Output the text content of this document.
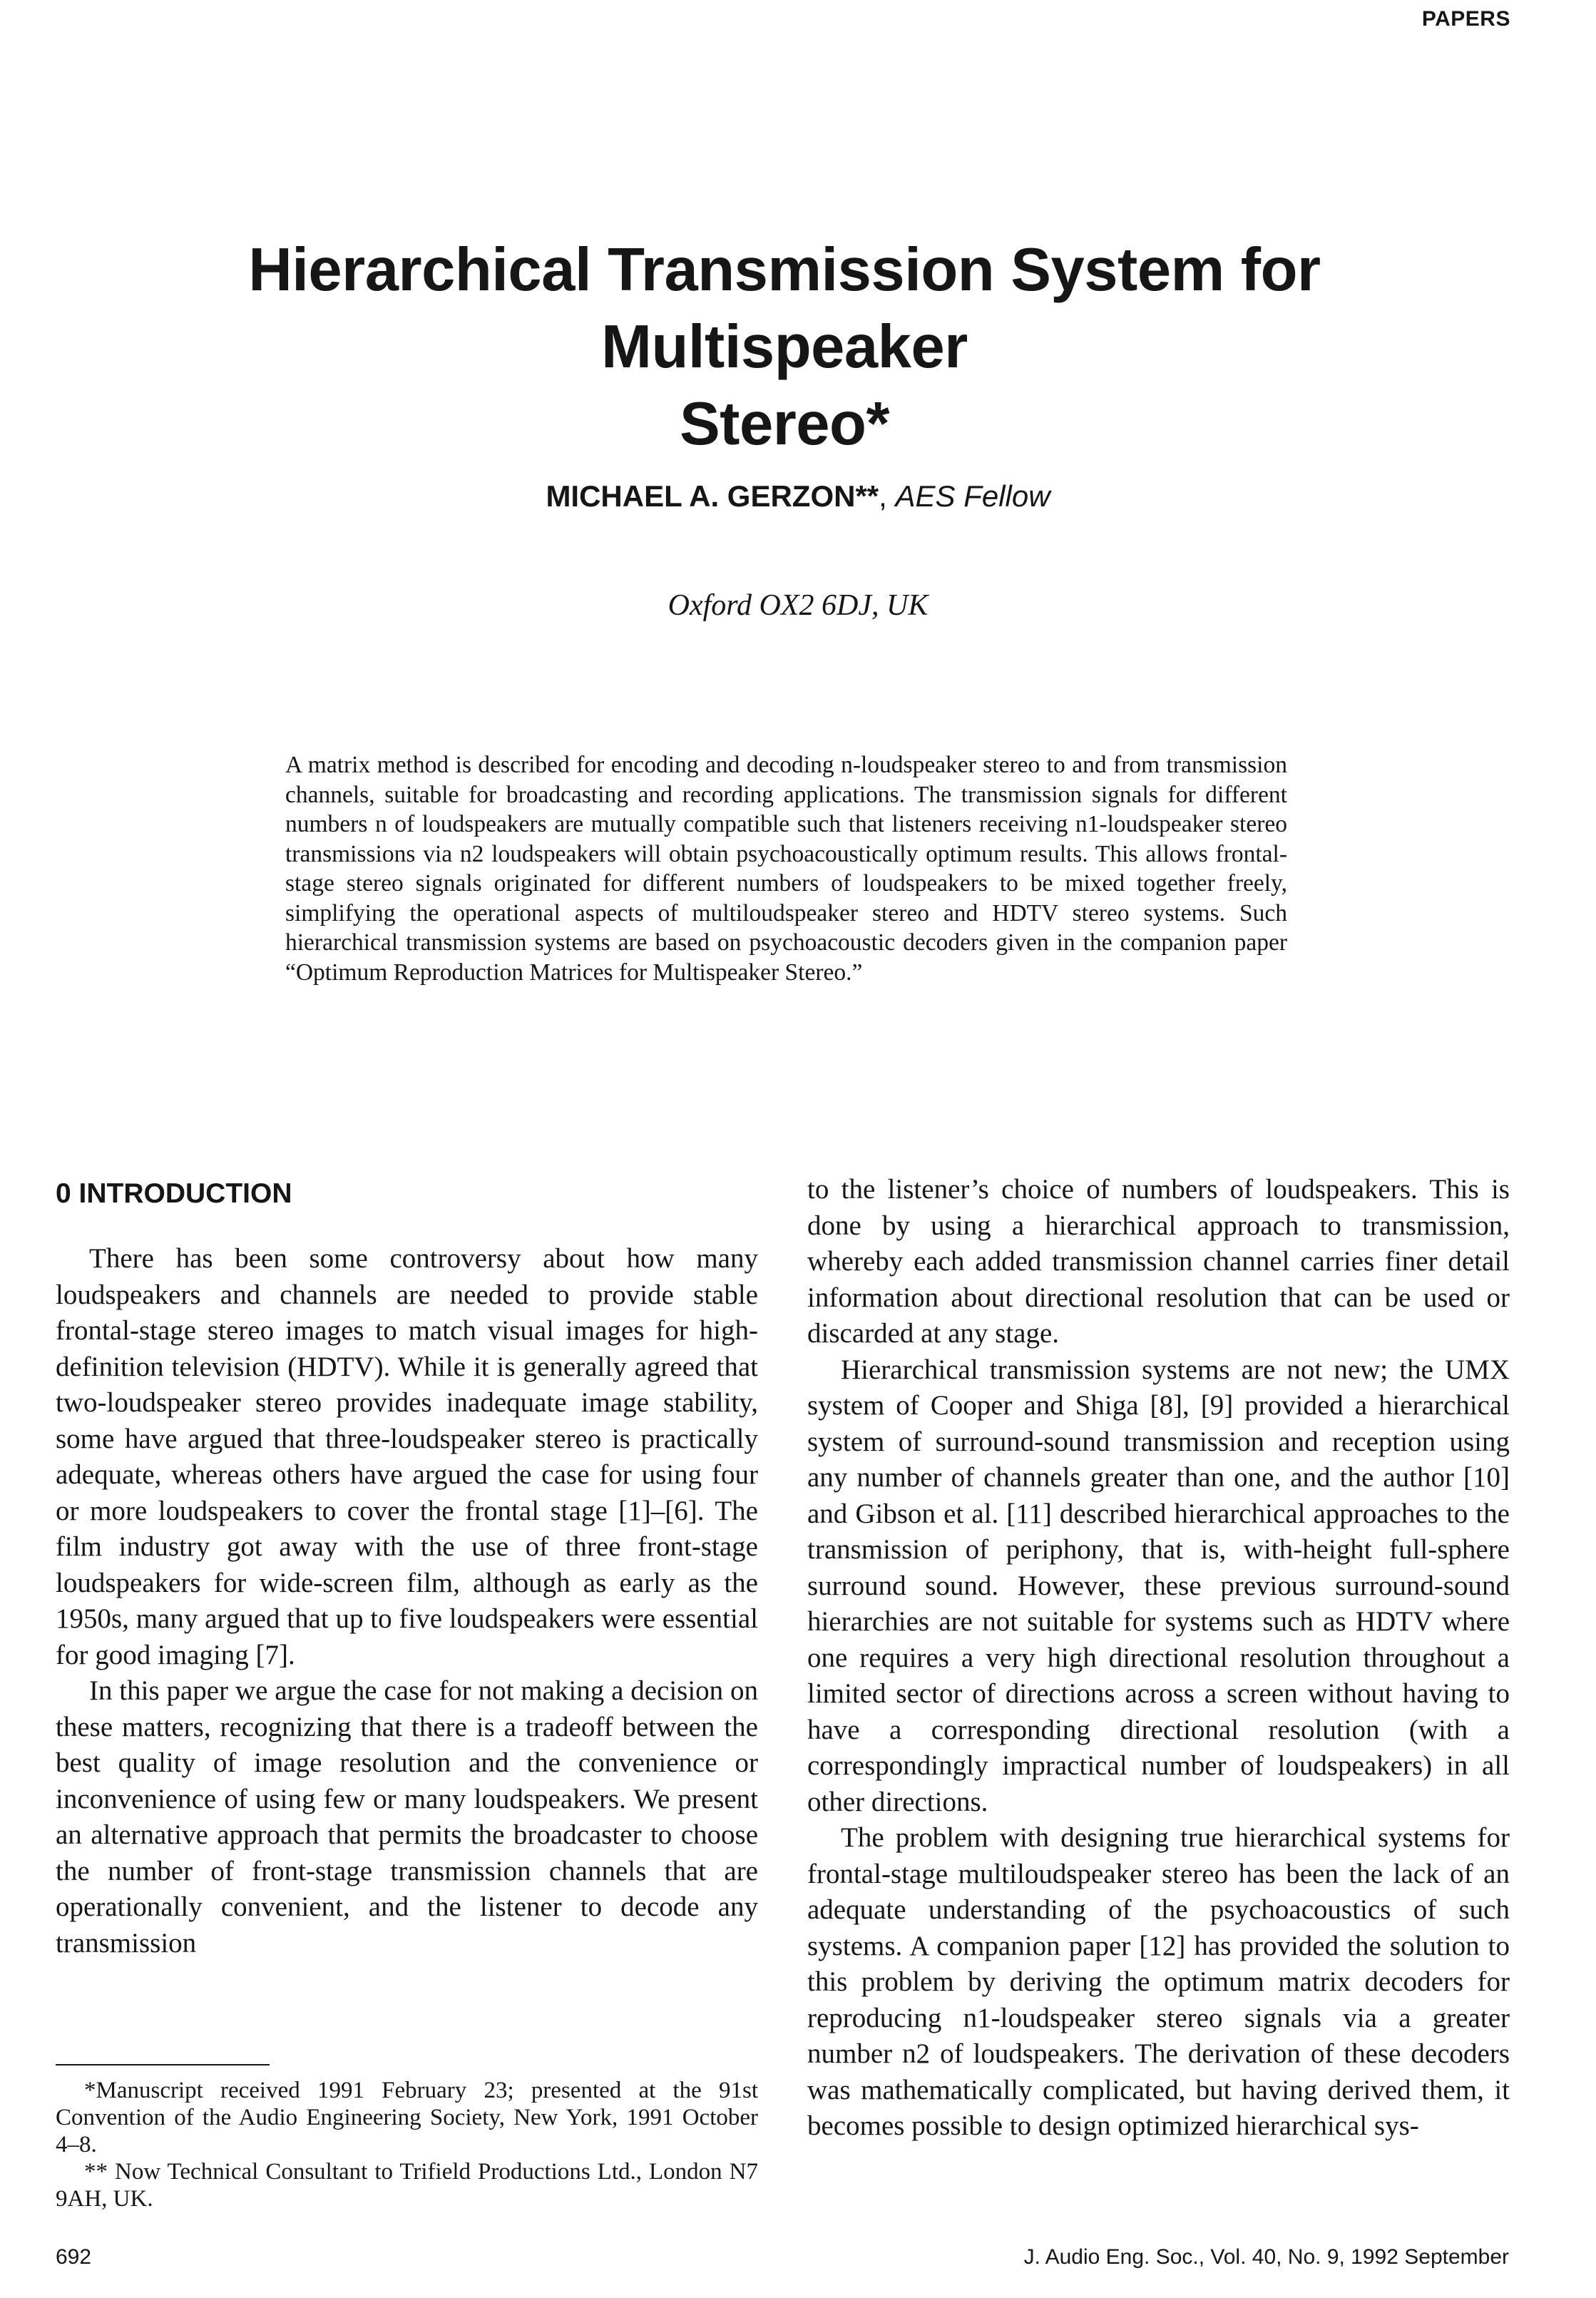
PAPERS
Hierarchical Transmission System for Multispeaker
Stereo*
MICHAEL A. GERZON**, AES Fellow
Oxford OX2 6DJ, UK
A matrix method is described for encoding and decoding n-loudspeaker stereo to and from transmission channels, suitable for broadcasting and recording applications. The transmission signals for different numbers n of loudspeakers are mutually compatible such that listeners receiving n1-loudspeaker stereo transmissions via n2 loudspeakers will obtain psychoacoustically optimum results. This allows frontal-stage stereo signals originated for different numbers of loudspeakers to be mixed together freely, simplifying the operational aspects of multiloudspeaker stereo and HDTV stereo systems. Such hierarchical transmission systems are based on psychoacoustic decoders given in the companion paper “Optimum Reproduction Matrices for Multispeaker Stereo.”
0 INTRODUCTION

There has been some controversy about how many loudspeakers and channels are needed to provide stable frontal-stage stereo images to match visual images for high-definition television (HDTV). While it is generally agreed that two-loudspeaker stereo provides inadequate image stability, some have argued that three-loudspeaker stereo is practically adequate, whereas others have argued the case for using four or more loudspeakers to cover the frontal stage [1]–[6]. The film industry got away with the use of three front-stage loudspeakers for wide-screen film, although as early as the 1950s, many argued that up to five loudspeakers were essential for good imaging [7].

In this paper we argue the case for not making a decision on these matters, recognizing that there is a tradeoff between the best quality of image resolution and the convenience or inconvenience of using few or many loudspeakers. We present an alternative approach that permits the broadcaster to choose the number of front-stage transmission channels that are operationally convenient, and the listener to decode any transmission

to the listener’s choice of numbers of loudspeakers. This is done by using a hierarchical approach to transmission, whereby each added transmission channel carries finer detail information about directional resolution that can be used or discarded at any stage.

Hierarchical transmission systems are not new; the UMX system of Cooper and Shiga [8], [9] provided a hierarchical system of surround-sound transmission and reception using any number of channels greater than one, and the author [10] and Gibson et al. [11] described hierarchical approaches to the transmission of periphony, that is, with-height full-sphere surround sound. However, these previous surround-sound hierarchies are not suitable for systems such as HDTV where one requires a very high directional resolution throughout a limited sector of directions across a screen without having to have a corresponding directional resolution (with a correspondingly impractical number of loudspeakers) in all other directions.

The problem with designing true hierarchical systems for frontal-stage multiloudspeaker stereo has been the lack of an adequate understanding of the psychoacoustics of such systems. A companion paper [12] has provided the solution to this problem by deriving the optimum matrix decoders for reproducing n1-loudspeaker stereo signals via a greater number n2 of loudspeakers. The derivation of these decoders was mathematically complicated, but having derived them, it becomes possible to design optimized hierarchical sys-

*Manuscript received 1991 February 23; presented at the 91st Convention of the Audio Engineering Society, New York, 1991 October 4–8.

** Now Technical Consultant to Trifield Productions Ltd., London N7 9AH, UK.

692	J. Audio Eng. Soc., Vol. 40, No. 9, 1992 September
